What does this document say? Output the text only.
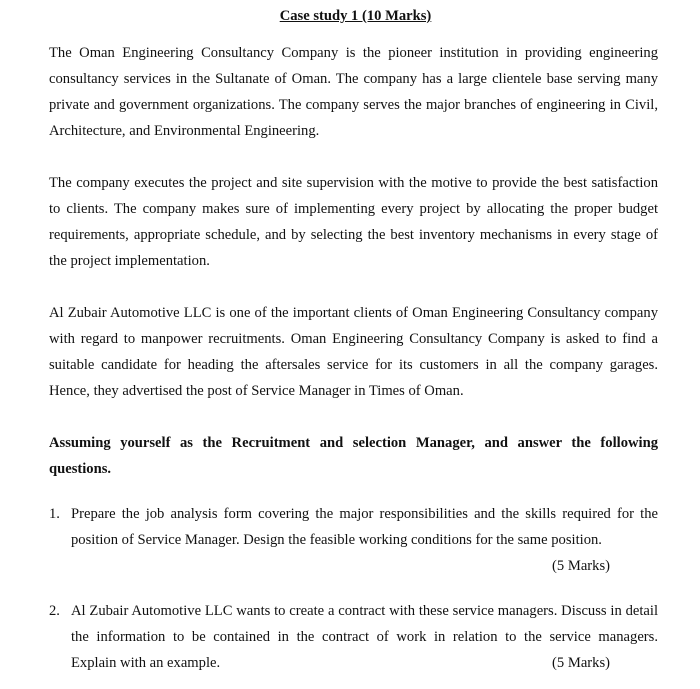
Case study 1 (10 Marks)

The Oman Engineering Consultancy Company is the pioneer institution in providing engineering consultancy services in the Sultanate of Oman. The company has a large clientele base serving many private and government organizations. The company serves the major branches of engineering in Civil, Architecture, and Environmental Engineering.

The company executes the project and site supervision with the motive to provide the best satisfaction to clients. The company makes sure of implementing every project by allocating the proper budget requirements, appropriate schedule, and by selecting the best inventory mechanisms in every stage of the project implementation.

Al Zubair Automotive LLC is one of the important clients of Oman Engineering Consultancy company with regard to manpower recruitments. Oman Engineering Consultancy Company is asked to find a suitable candidate for heading the aftersales service for its customers in all the company garages. Hence, they advertised the post of Service Manager in Times of Oman.

Assuming yourself as the Recruitment and selection Manager, and answer the following questions.

1. Prepare the job analysis form covering the major responsibilities and the skills required for the position of Service Manager. Design the feasible working conditions for the same position.
(5 Marks)
2. Al Zubair Automotive LLC wants to create a contract with these service managers. Discuss in detail the information to be contained in the contract of work in relation to the service managers.
Explain with an example.	(5 Marks)
